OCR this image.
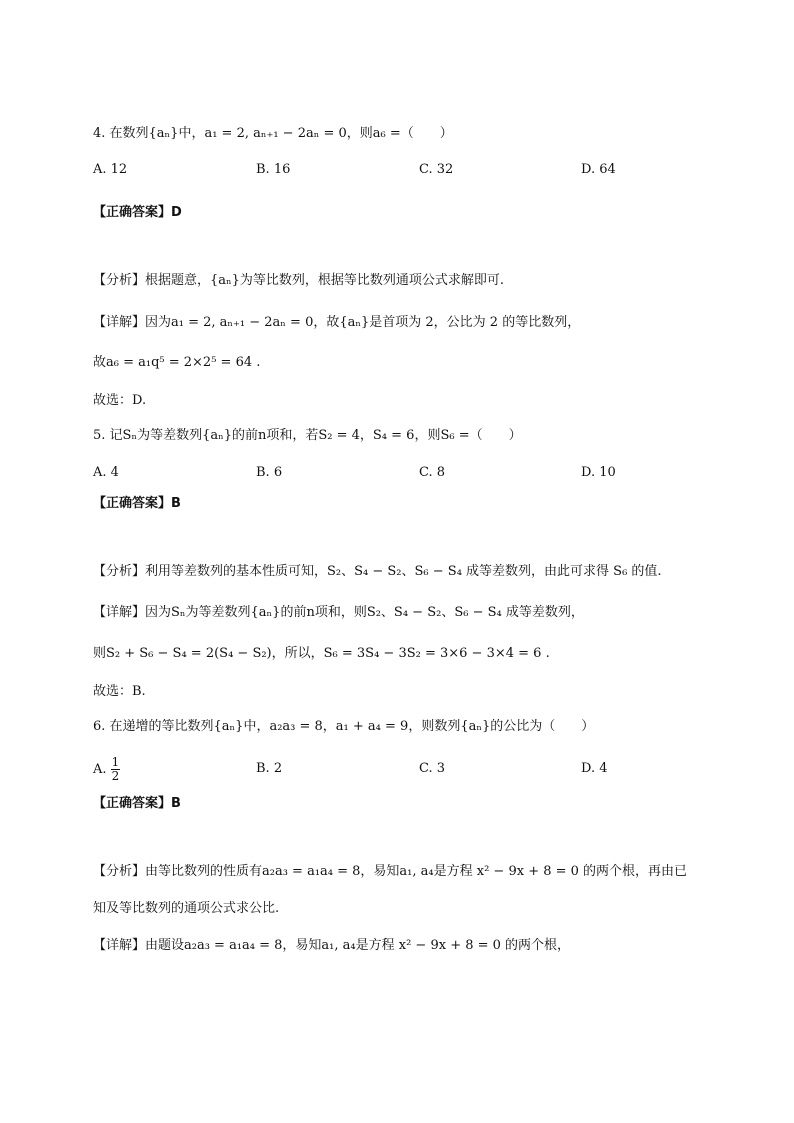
4. 在数列{aₙ}中，a₁ = 2, aₙ₊₁ − 2aₙ = 0，则a₆ =（　　）
A. 12	B. 16	C. 32	D. 64
【正确答案】D
【分析】根据题意，{aₙ}为等比数列，根据等比数列通项公式求解即可.
【详解】因为a₁ = 2, aₙ₊₁ − 2aₙ = 0，故{aₙ}是首项为 2，公比为 2 的等比数列，
故a₆ = a₁q⁵ = 2×2⁵ = 64 .
故选：D.
5. 记Sₙ为等差数列{aₙ}的前n项和，若S₂ = 4，S₄ = 6，则S₆ =（　　）
A. 4	B. 6	C. 8	D. 10
【正确答案】B
【分析】利用等差数列的基本性质可知，S₂、S₄ − S₂、S₆ − S₄ 成等差数列，由此可求得 S₆ 的值.
【详解】因为Sₙ为等差数列{aₙ}的前n项和，则S₂、S₄ − S₂、S₆ − S₄ 成等差数列，
则S₂ + S₆ − S₄ = 2(S₄ − S₂)，所以，S₆ = 3S₄ − 3S₂ = 3×6 − 3×4 = 6 .
故选：B.
6. 在递增的等比数列{aₙ}中，a₂a₃ = 8，a₁ + a₄ = 9，则数列{aₙ}的公比为（　　）
A. $\frac{1}{2}$	B. 2	C. 3	D. 4
【正确答案】B
【分析】由等比数列的性质有a₂a₃ = a₁a₄ = 8，易知a₁, a₄是方程 x² − 9x + 8 = 0 的两个根，再由已
知及等比数列的通项公式求公比.
【详解】由题设a₂a₃ = a₁a₄ = 8，易知a₁, a₄是方程 x² − 9x + 8 = 0 的两个根，
